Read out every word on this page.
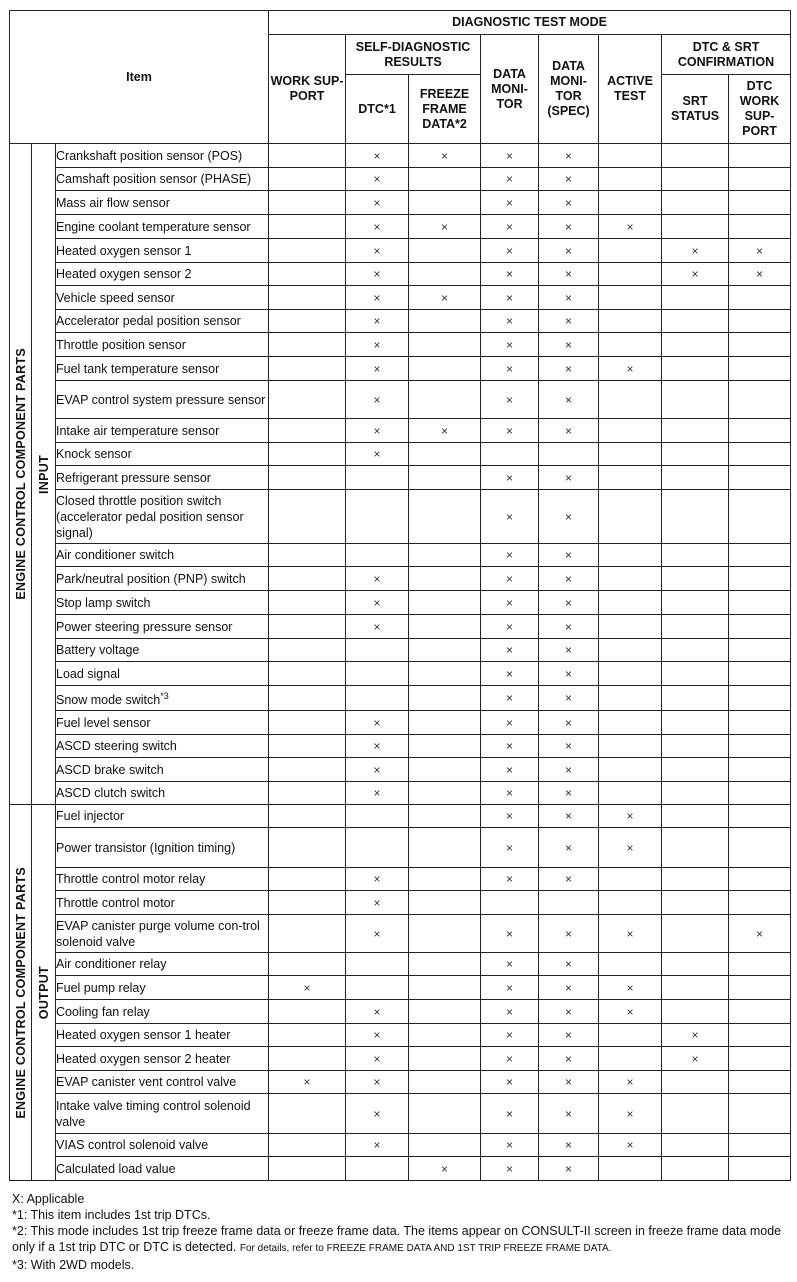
Item			DIAGNOSTIC TEST MODE							
			WORK SUP-PORT	SELF-DIAGNOSTIC RESULTS		DATA MONI-TOR	DATA MONI-TOR (SPEC)	ACTIVE TEST	DTC & SRT CONFIRMATION	
				DTC*1	FREEZE FRAME DATA*2				SRT STATUS	DTC WORK SUP-PORT

ENGINE CONTROL COMPONENT PARTS	INPUT	Crankshaft position sensor (POS)		×	×	×	×			
		Camshaft position sensor (PHASE)		×		×	×			
		Mass air flow sensor		×		×	×			
		Engine coolant temperature sensor		×	×	×	×	×		
		Heated oxygen sensor 1		×		×	×		×	×
		Heated oxygen sensor 2		×		×	×		×	×
		Vehicle speed sensor		×	×	×	×			
		Accelerator pedal position sensor		×		×	×			
		Throttle position sensor		×		×	×			
		Fuel tank temperature sensor		×		×	×	×		
		EVAP control system pressure sensor		×		×	×			
		Intake air temperature sensor		×	×	×	×			
		Knock sensor		×						
		Refrigerant pressure sensor				×	×			
		Closed throttle position switch (accelerator pedal position sensor signal)				×	×			
		Air conditioner switch				×	×			
		Park/neutral position (PNP) switch		×		×	×			
		Stop lamp switch		×		×	×			
		Power steering pressure sensor		×		×	×			
		Battery voltage				×	×			
		Load signal				×	×			
		Snow mode switch$^{*3}$				×	×			
		Fuel level sensor		×		×	×			
		ASCD steering switch		×		×	×			
		ASCD brake switch		×		×	×			
		ASCD clutch switch		×		×	×			

ENGINE CONTROL COMPONENT PARTS	OUTPUT	Fuel injector				×	×	×		
		Power transistor (Ignition timing)				×	×	×		
		Throttle control motor relay		×		×	×			
		Throttle control motor		×						
		EVAP canister purge volume con-trol solenoid valve		×		×	×	×		×
		Air conditioner relay				×	×			
		Fuel pump relay	×			×	×	×		
		Cooling fan relay		×		×	×	×		
		Heated oxygen sensor 1 heater		×		×	×		×	
		Heated oxygen sensor 2 heater		×		×	×		×	
		EVAP canister vent control valve	×	×		×	×	×		
		Intake valve timing control solenoid valve		×		×	×	×		
		VIAS control solenoid valve		×		×	×	×		
		Calculated load value			×	×	×			

X: Applicable

*1: This item includes 1st trip DTCs.

*2: This mode includes 1st trip freeze frame data or freeze frame data. The items appear on CONSULT-II screen in freeze frame data mode only if a 1st trip DTC or DTC is detected. For details, refer to FREEZE FRAME DATA AND 1ST TRIP FREEZE FRAME DATA.

*3: With 2WD models.
